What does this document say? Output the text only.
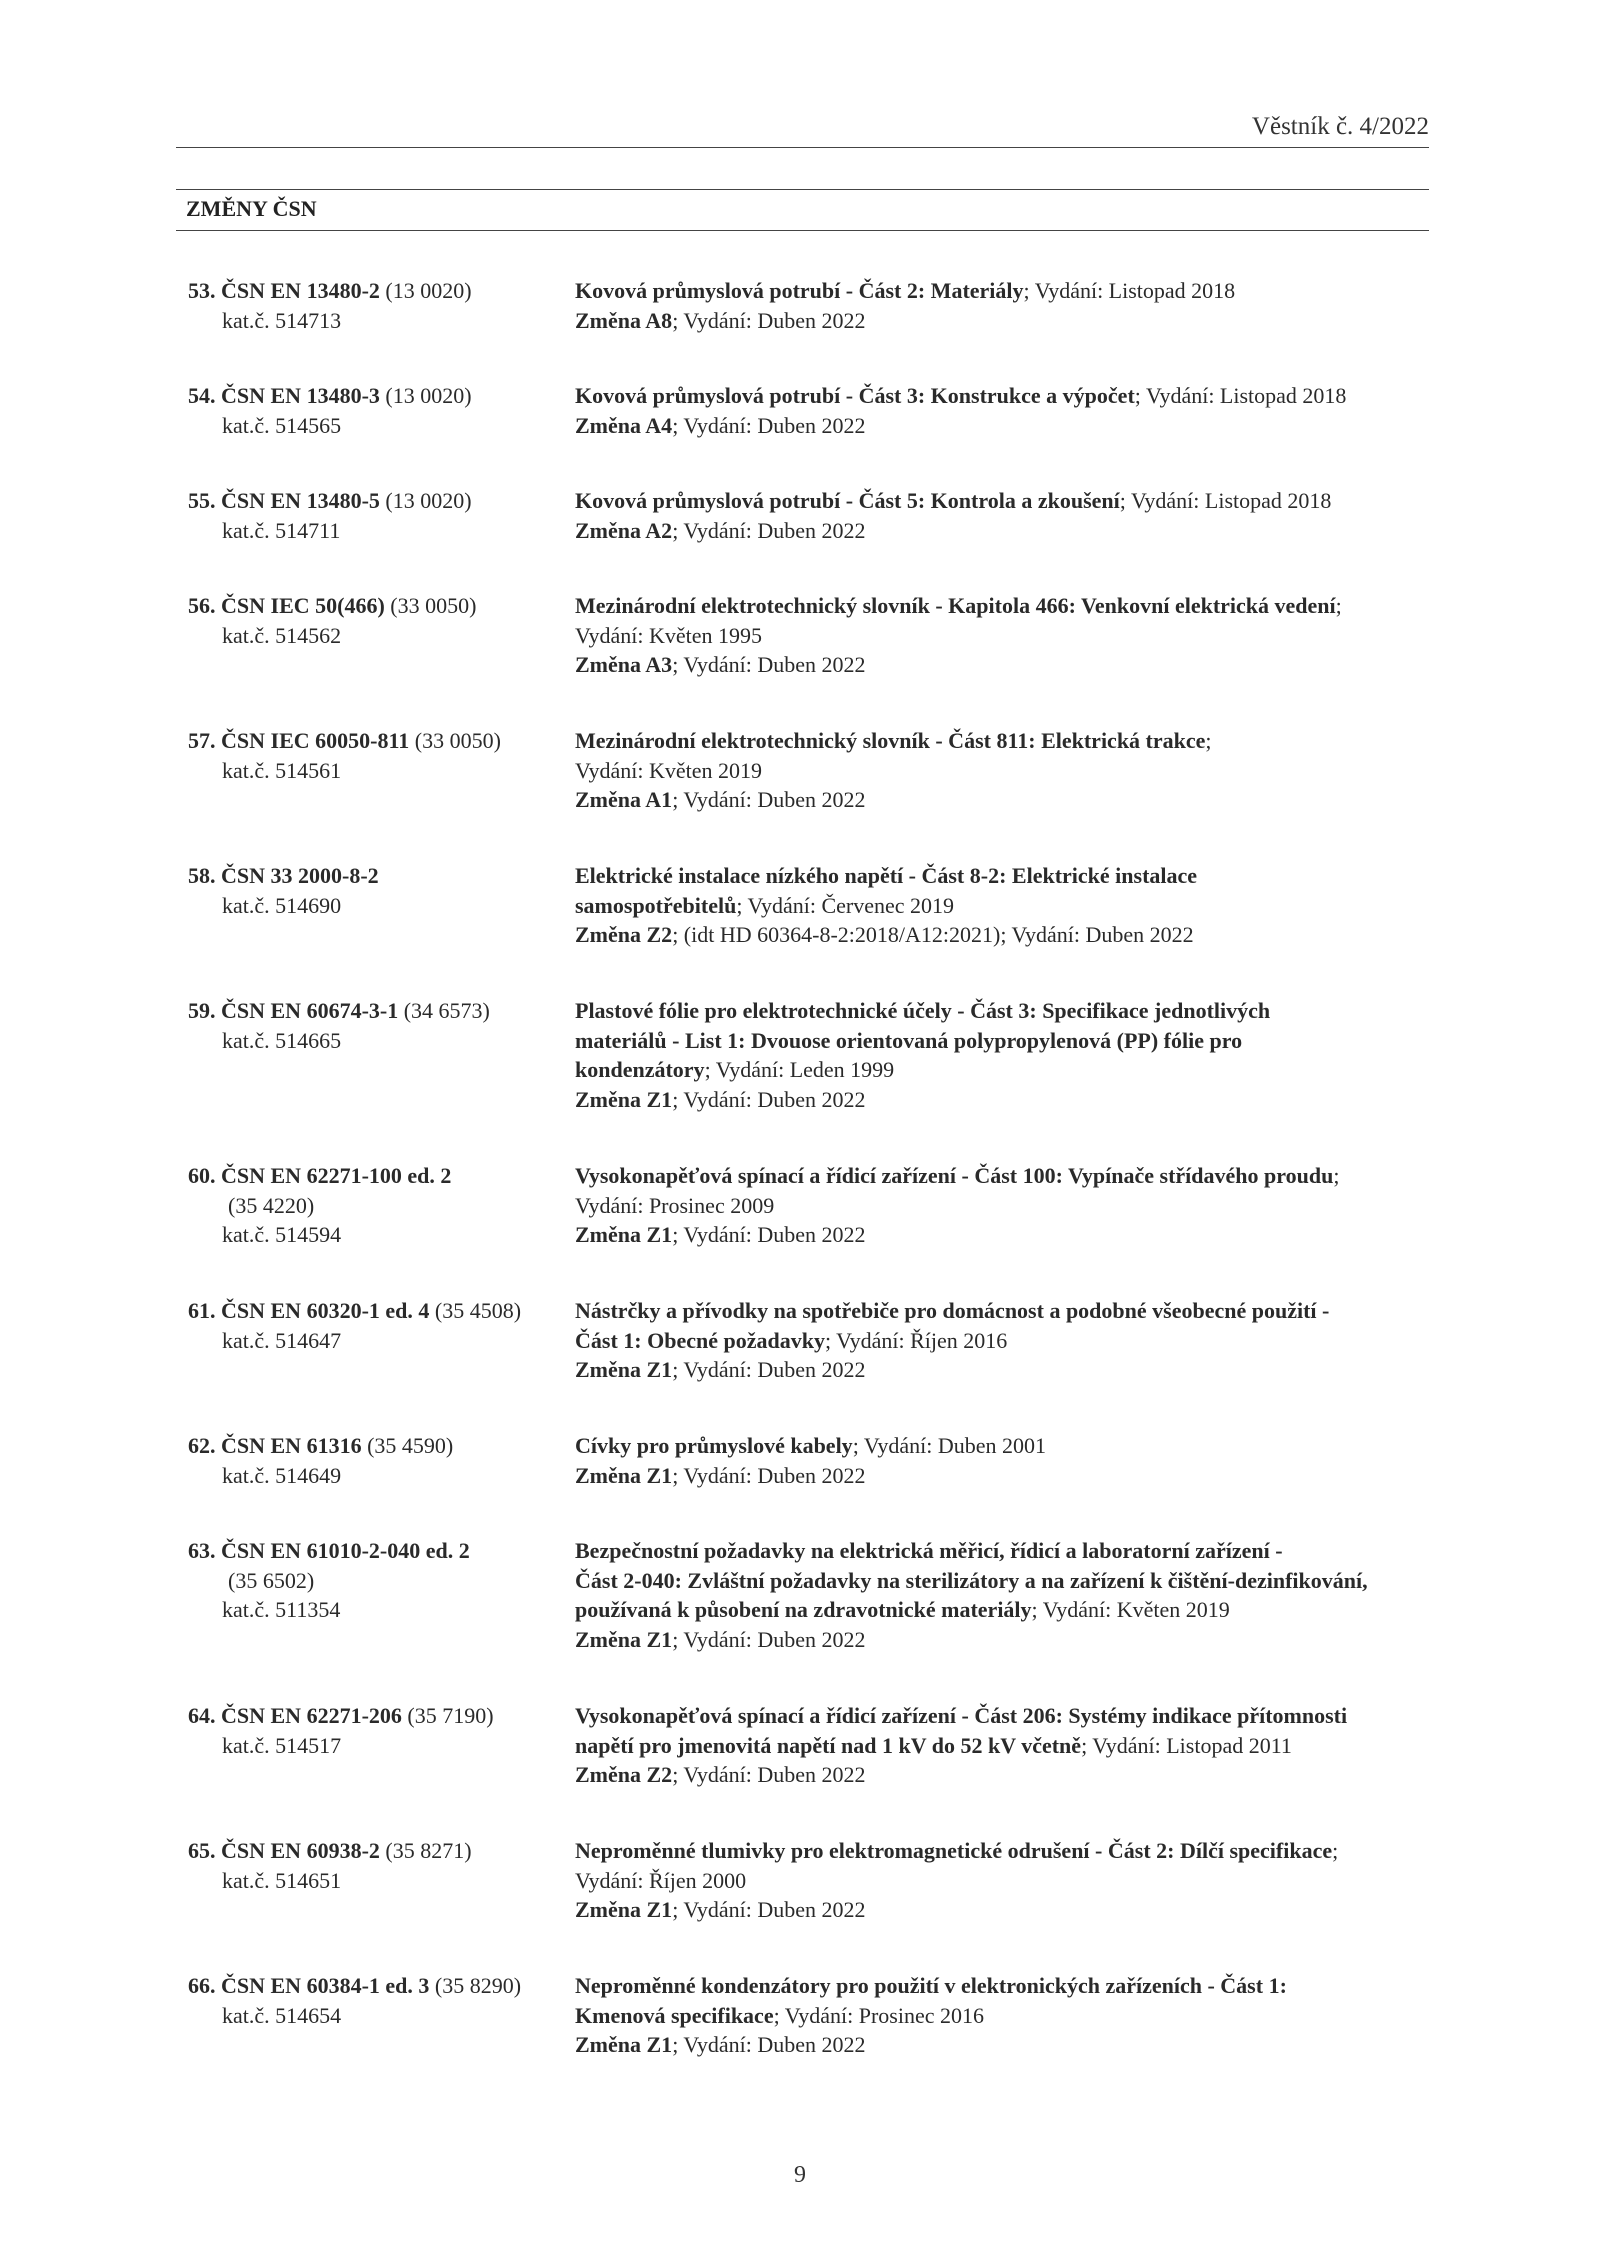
Věstník č. 4/2022
ZMĚNY ČSN
53. ČSN EN 13480-2 (13 0020)
kat.č. 514713
Kovová průmyslová potrubí - Část 2: Materiály; Vydání: Listopad 2018
Změna A8; Vydání: Duben 2022
54. ČSN EN 13480-3 (13 0020)
kat.č. 514565
Kovová průmyslová potrubí - Část 3: Konstrukce a výpočet; Vydání: Listopad 2018
Změna A4; Vydání: Duben 2022
55. ČSN EN 13480-5 (13 0020)
kat.č. 514711
Kovová průmyslová potrubí - Část 5: Kontrola a zkoušení; Vydání: Listopad 2018
Změna A2; Vydání: Duben 2022
56. ČSN IEC 50(466) (33 0050)
kat.č. 514562
Mezinárodní elektrotechnický slovník - Kapitola 466: Venkovní elektrická vedení;
Vydání: Květen 1995
Změna A3; Vydání: Duben 2022
57. ČSN IEC 60050-811 (33 0050)
kat.č. 514561
Mezinárodní elektrotechnický slovník - Část 811: Elektrická trakce;
Vydání: Květen 2019
Změna A1; Vydání: Duben 2022
58. ČSN 33 2000-8-2
kat.č. 514690
Elektrické instalace nízkého napětí - Část 8-2: Elektrické instalace
samospotřebitelů; Vydání: Červenec 2019
Změna Z2; (idt HD 60364-8-2:2018/A12:2021); Vydání: Duben 2022
59. ČSN EN 60674-3-1 (34 6573)
kat.č. 514665
Plastové fólie pro elektrotechnické účely - Část 3: Specifikace jednotlivých
materiálů - List 1: Dvouose orientovaná polypropylenová (PP) fólie pro
kondenzátory; Vydání: Leden 1999
Změna Z1; Vydání: Duben 2022
60. ČSN EN 62271-100 ed. 2
(35 4220)
kat.č. 514594
Vysokonapěťová spínací a řídicí zařízení - Část 100: Vypínače střídavého proudu;
Vydání: Prosinec 2009
Změna Z1; Vydání: Duben 2022
61. ČSN EN 60320-1 ed. 4 (35 4508)
kat.č. 514647
Nástrčky a přívodky na spotřebiče pro domácnost a podobné všeobecné použití -
Část 1: Obecné požadavky; Vydání: Říjen 2016
Změna Z1; Vydání: Duben 2022
62. ČSN EN 61316 (35 4590)
kat.č. 514649
Cívky pro průmyslové kabely; Vydání: Duben 2001
Změna Z1; Vydání: Duben 2022
63. ČSN EN 61010-2-040 ed. 2
(35 6502)
kat.č. 511354
Bezpečnostní požadavky na elektrická měřicí, řídicí a laboratorní zařízení -
Část 2-040: Zvláštní požadavky na sterilizátory a na zařízení k čištění-dezinfikování,
používaná k působení na zdravotnické materiály; Vydání: Květen 2019
Změna Z1; Vydání: Duben 2022
64. ČSN EN 62271-206 (35 7190)
kat.č. 514517
Vysokonapěťová spínací a řídicí zařízení - Část 206: Systémy indikace přítomnosti
napětí pro jmenovitá napětí nad 1 kV do 52 kV včetně; Vydání: Listopad 2011
Změna Z2; Vydání: Duben 2022
65. ČSN EN 60938-2 (35 8271)
kat.č. 514651
Neproměnné tlumivky pro elektromagnetické odrušení - Část 2: Dílčí specifikace;
Vydání: Říjen 2000
Změna Z1; Vydání: Duben 2022
66. ČSN EN 60384-1 ed. 3 (35 8290)
kat.č. 514654
Neproměnné kondenzátory pro použití v elektronických zařízeních - Část 1:
Kmenová specifikace; Vydání: Prosinec 2016
Změna Z1; Vydání: Duben 2022
9
